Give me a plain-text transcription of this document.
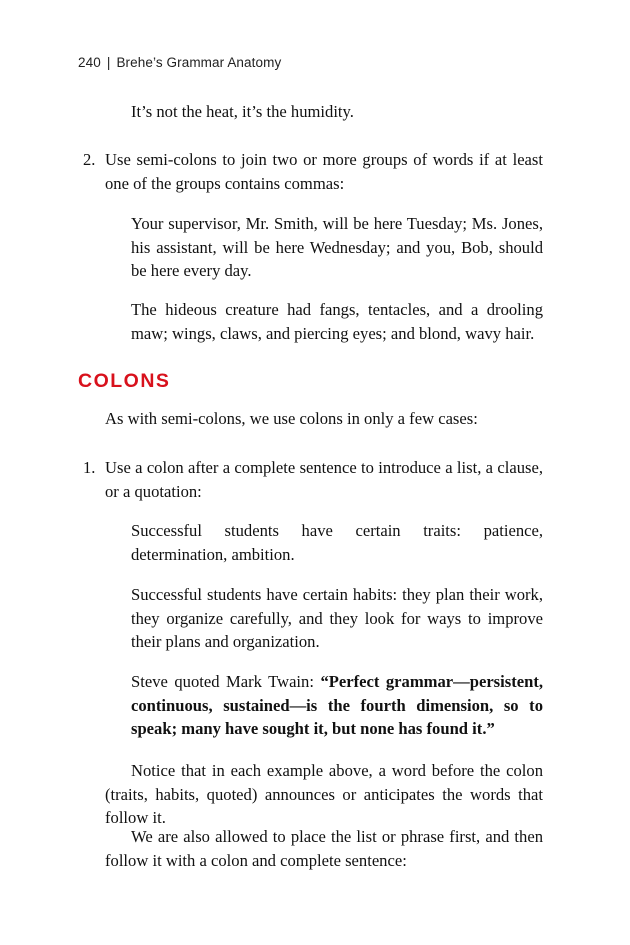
240 | Brehe’s Grammar Anatomy
It’s not the heat, it’s the humidity.
2. Use semi-colons to join two or more groups of words if at least one of the groups contains commas:
Your supervisor, Mr. Smith, will be here Tuesday; Ms. Jones, his assistant, will be here Wednesday; and you, Bob, should be here every day.
The hideous creature had fangs, tentacles, and a drooling maw; wings, claws, and piercing eyes; and blond, wavy hair.
COLONS
As with semi-colons, we use colons in only a few cases:
1. Use a colon after a complete sentence to introduce a list, a clause, or a quotation:
Successful students have certain traits: patience, determination, ambition.
Successful students have certain habits: they plan their work, they organize carefully, and they look for ways to improve their plans and organization.
Steve quoted Mark Twain: “Perfect grammar—persistent, continuous, sustained—is the fourth dimension, so to speak; many have sought it, but none has found it.”
Notice that in each example above, a word before the colon (traits, habits, quoted) announces or anticipates the words that follow it.
We are also allowed to place the list or phrase first, and then follow it with a colon and complete sentence:
